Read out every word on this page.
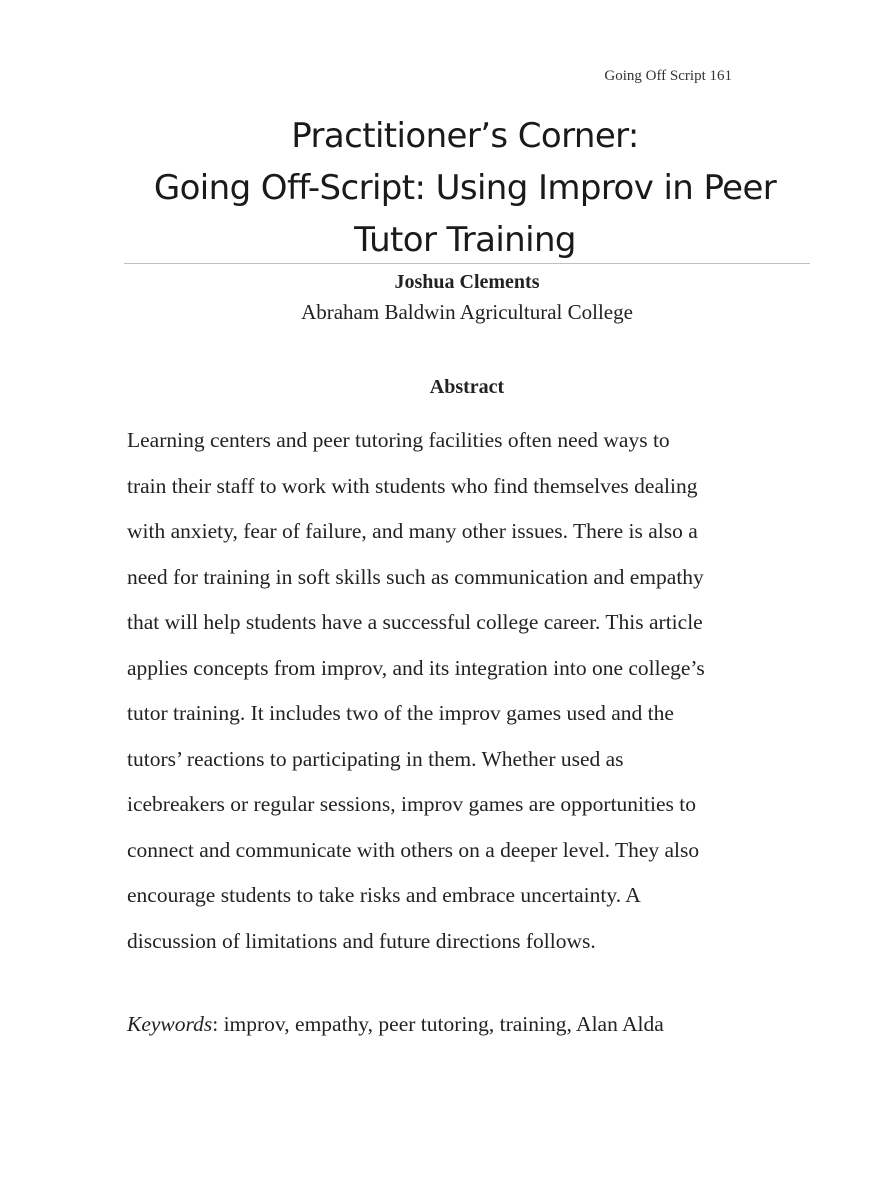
Going Off Script 161
Practitioner’s Corner:
Going Off-Script: Using Improv in Peer
Tutor Training
Joshua Clements
Abraham Baldwin Agricultural College
Abstract
Learning centers and peer tutoring facilities often need ways to
train their staff to work with students who find themselves dealing
with anxiety, fear of failure, and many other issues. There is also a
need for training in soft skills such as communication and empathy
that will help students have a successful college career. This article
applies concepts from improv, and its integration into one college’s
tutor training. It includes two of the improv games used and the
tutors’ reactions to participating in them. Whether used as
icebreakers or regular sessions, improv games are opportunities to
connect and communicate with others on a deeper level. They also
encourage students to take risks and embrace uncertainty. A
discussion of limitations and future directions follows.
Keywords: improv, empathy, peer tutoring, training, Alan Alda
